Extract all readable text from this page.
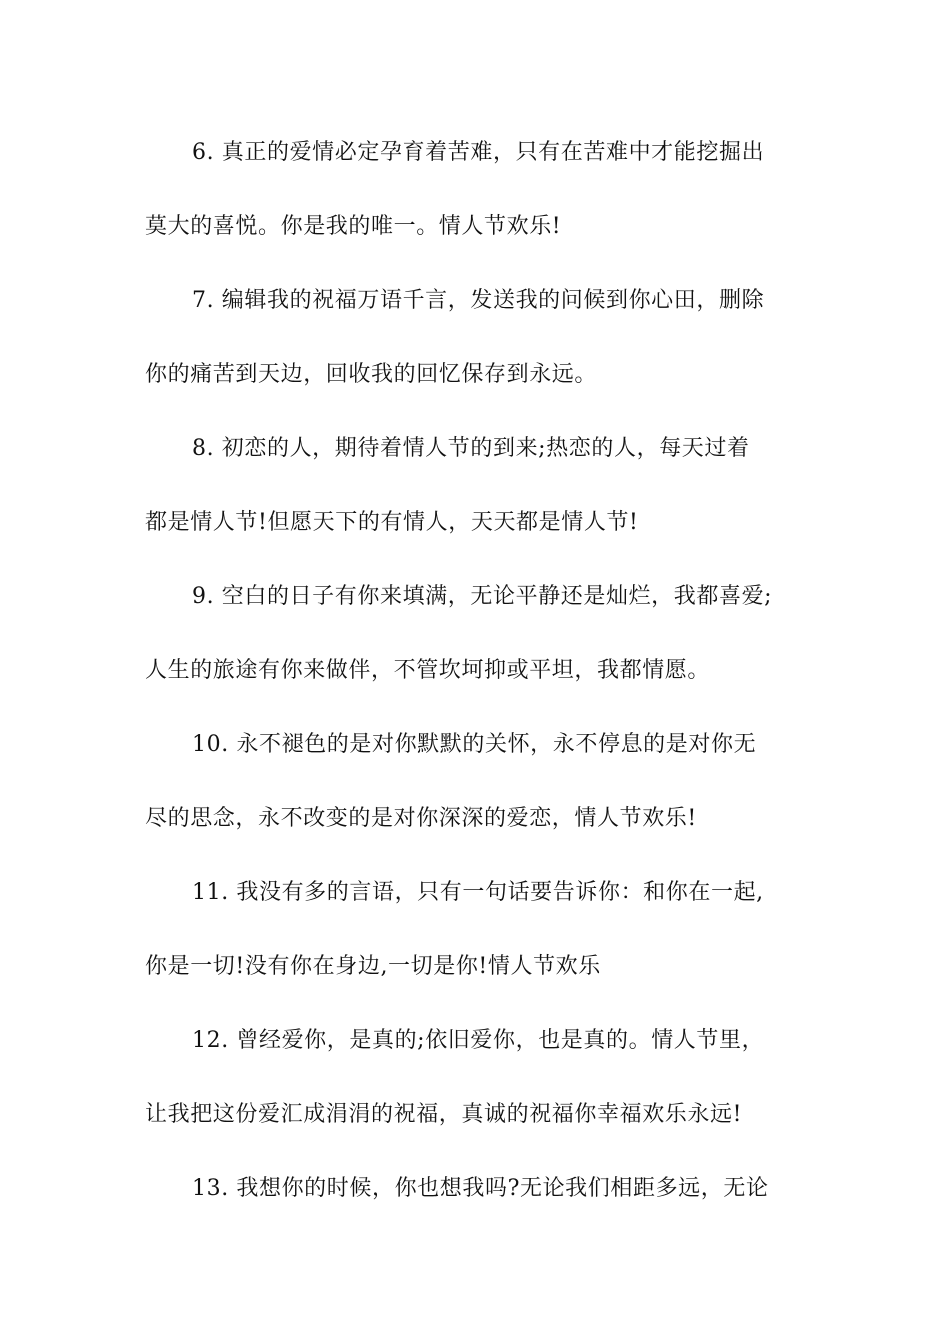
6. 真正的爱情必定孕育着苦难，只有在苦难中才能挖掘出
莫大的喜悦。你是我的唯一。情人节欢乐!
7. 编辑我的祝福万语千言，发送我的问候到你心田，删除
你的痛苦到天边，回收我的回忆保存到永远。
8. 初恋的人，期待着情人节的到来;热恋的人，每天过着
都是情人节!但愿天下的有情人，天天都是情人节!
9. 空白的日子有你来填满，无论平静还是灿烂，我都喜爱;
人生的旅途有你来做伴，不管坎坷抑或平坦，我都情愿。
10. 永不褪色的是对你默默的关怀，永不停息的是对你无
尽的思念，永不改变的是对你深深的爱恋，情人节欢乐!
11. 我没有多的言语，只有一句话要告诉你：和你在一起,
你是一切!没有你在身边,一切是你!情人节欢乐
12. 曾经爱你，是真的;依旧爱你，也是真的。情人节里，
让我把这份爱汇成涓涓的祝福，真诚的祝福你幸福欢乐永远!
13. 我想你的时候，你也想我吗?无论我们相距多远，无论
